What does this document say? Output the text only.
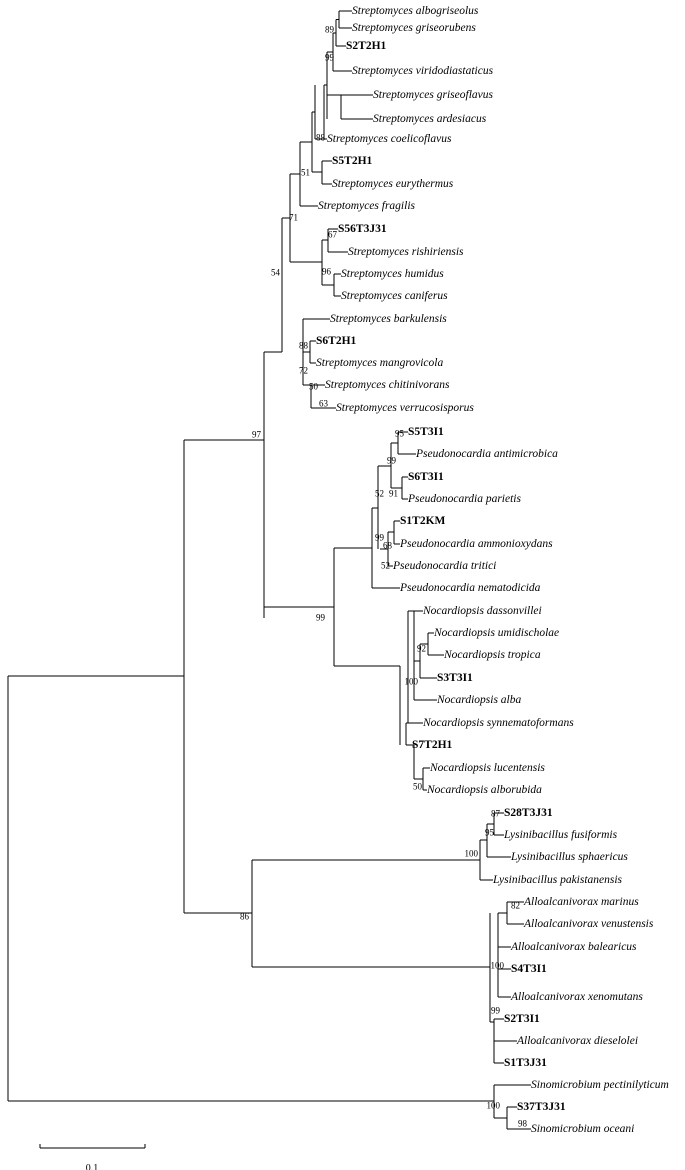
Streptomyces albogriseolus
Streptomyces griseorubens
S2T2H1
Streptomyces viridodiastaticus
Streptomyces griseoflavus
Streptomyces ardesiacus
Streptomyces coelicoflavus
S5T2H1
Streptomyces eurythermus
Streptomyces fragilis
S56T3J31
Streptomyces rishiriensis
Streptomyces humidus
Streptomyces caniferus
Streptomyces barkulensis
S6T2H1
Streptomyces mangrovicola
Streptomyces chitinivorans
Streptomyces verrucosisporus
S5T3I1
Pseudonocardia antimicrobica
S6T3I1
Pseudonocardia parietis
S1T2KM
Pseudonocardia ammonioxydans
Pseudonocardia tritici
Pseudonocardia nematodicida
Nocardiopsis dassonvillei
Nocardiopsis umidischolae
Nocardiopsis tropica
S3T3I1
Nocardiopsis alba
Nocardiopsis synnematoformans
S7T2H1
Nocardiopsis lucentensis
Nocardiopsis alborubida
S28T3J31
Lysinibacillus fusiformis
Lysinibacillus sphaericus
Lysinibacillus pakistanensis
Alloalcanivorax marinus
Alloalcanivorax venustensis
Alloalcanivorax balearicus
S4T3I1
Alloalcanivorax xenomutans
S2T3I1
Alloalcanivorax dieselolei
S1T3J31
Sinomicrobium pectinilyticum
S37T3J31
Sinomicrobium oceani
89
99
88
51
71
67
96
54
88
72
50
63
97	95
99
91
52
99
68
52
99
92
100
50
87
95
100
82
86
100
99
100
98
0.1
